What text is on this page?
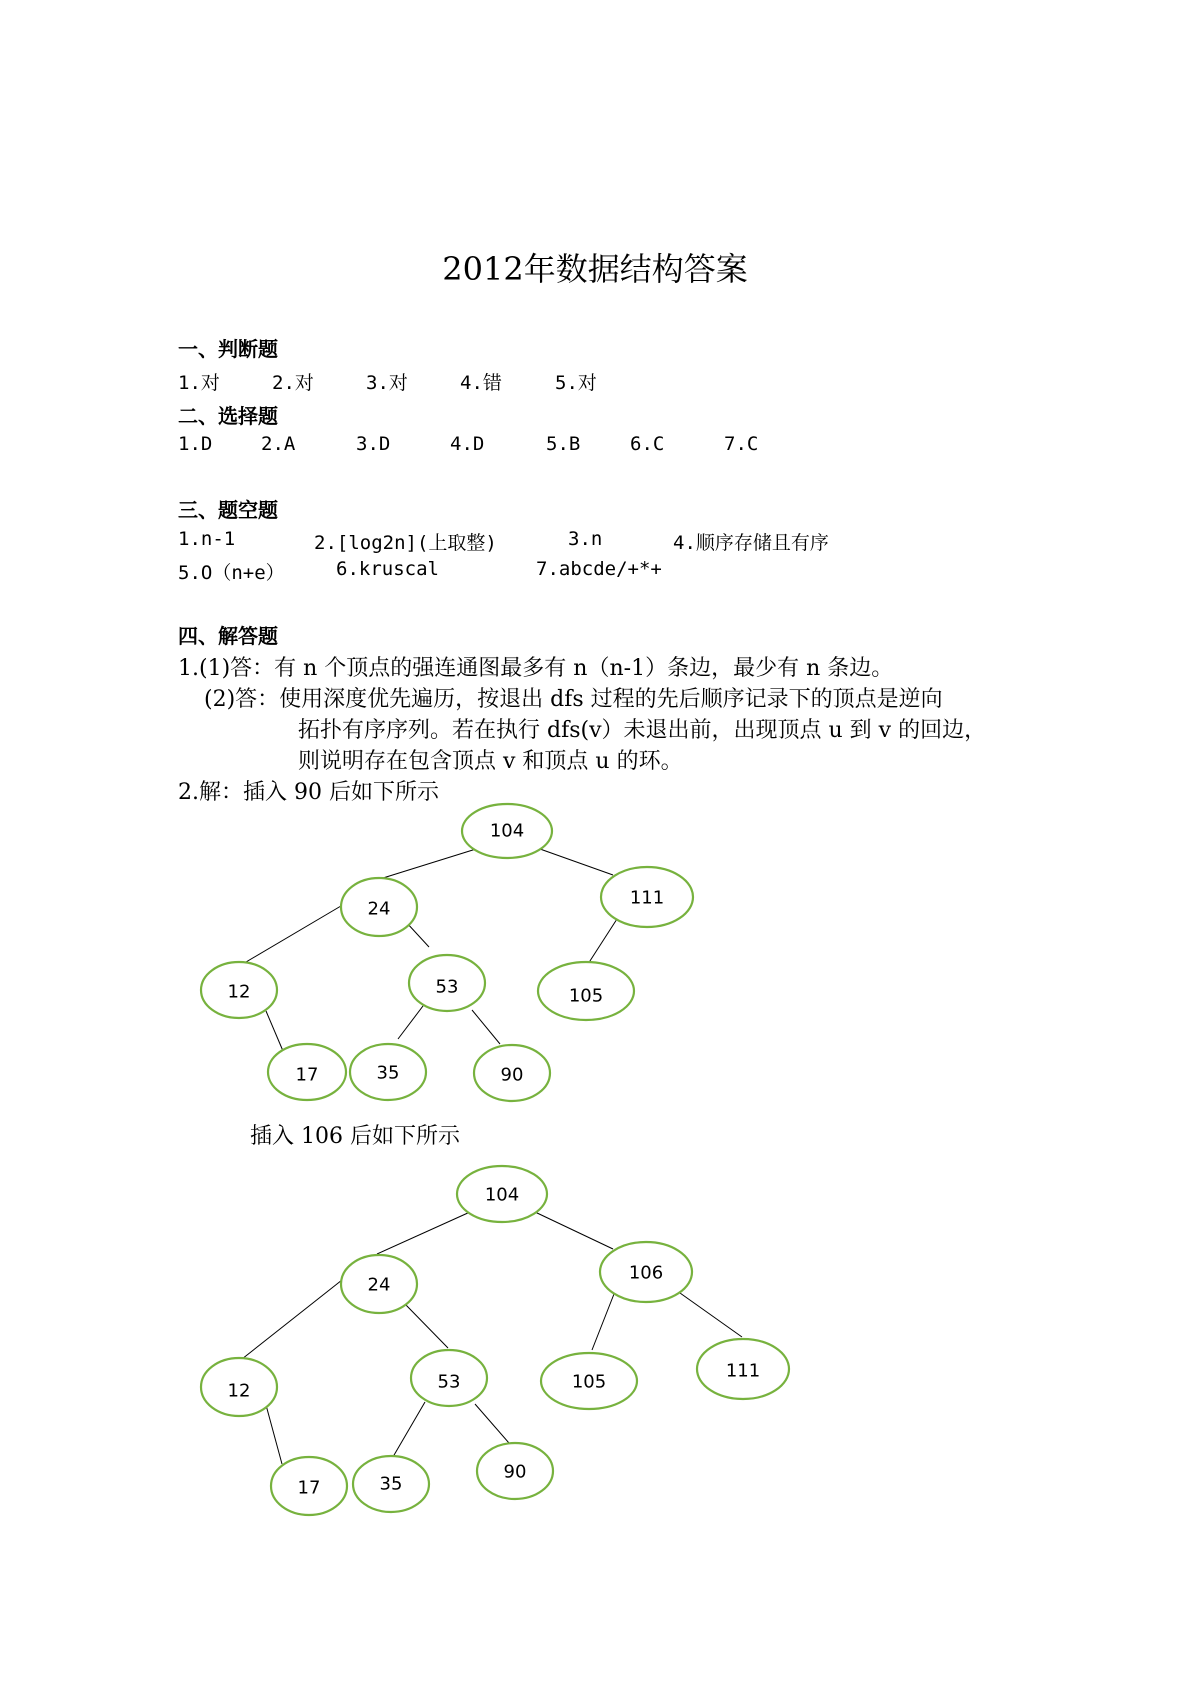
2012年数据结构答案
一、判断题
1.对	2.对	3.对	4.错	5.对
二、选择题
1.D	2.A	3.D	4.D	5.B	6.C	7.C
三、题空题
1.n-1	2.[log2n](上取整)	3.n	4.顺序存储且有序
5.O（n+e）	6.kruscal	7.abcde/+*+
四、解答题
1.(1)答：有 n 个顶点的强连通图最多有 n（n-1）条边，最少有 n 条边。
(2)答：使用深度优先遍历，按退出 dfs 过程的先后顺序记录下的顶点是逆向
拓扑有序序列。若在执行 dfs(v）未退出前，出现顶点 u 到 v 的回边，
则说明存在包含顶点 v 和顶点 u 的环。
2.解：插入 90 后如下所示
插入 106 后如下所示
104
24
111
12	53	105
17	35	90
104
24
106
12	53	105
111
17	35
90
